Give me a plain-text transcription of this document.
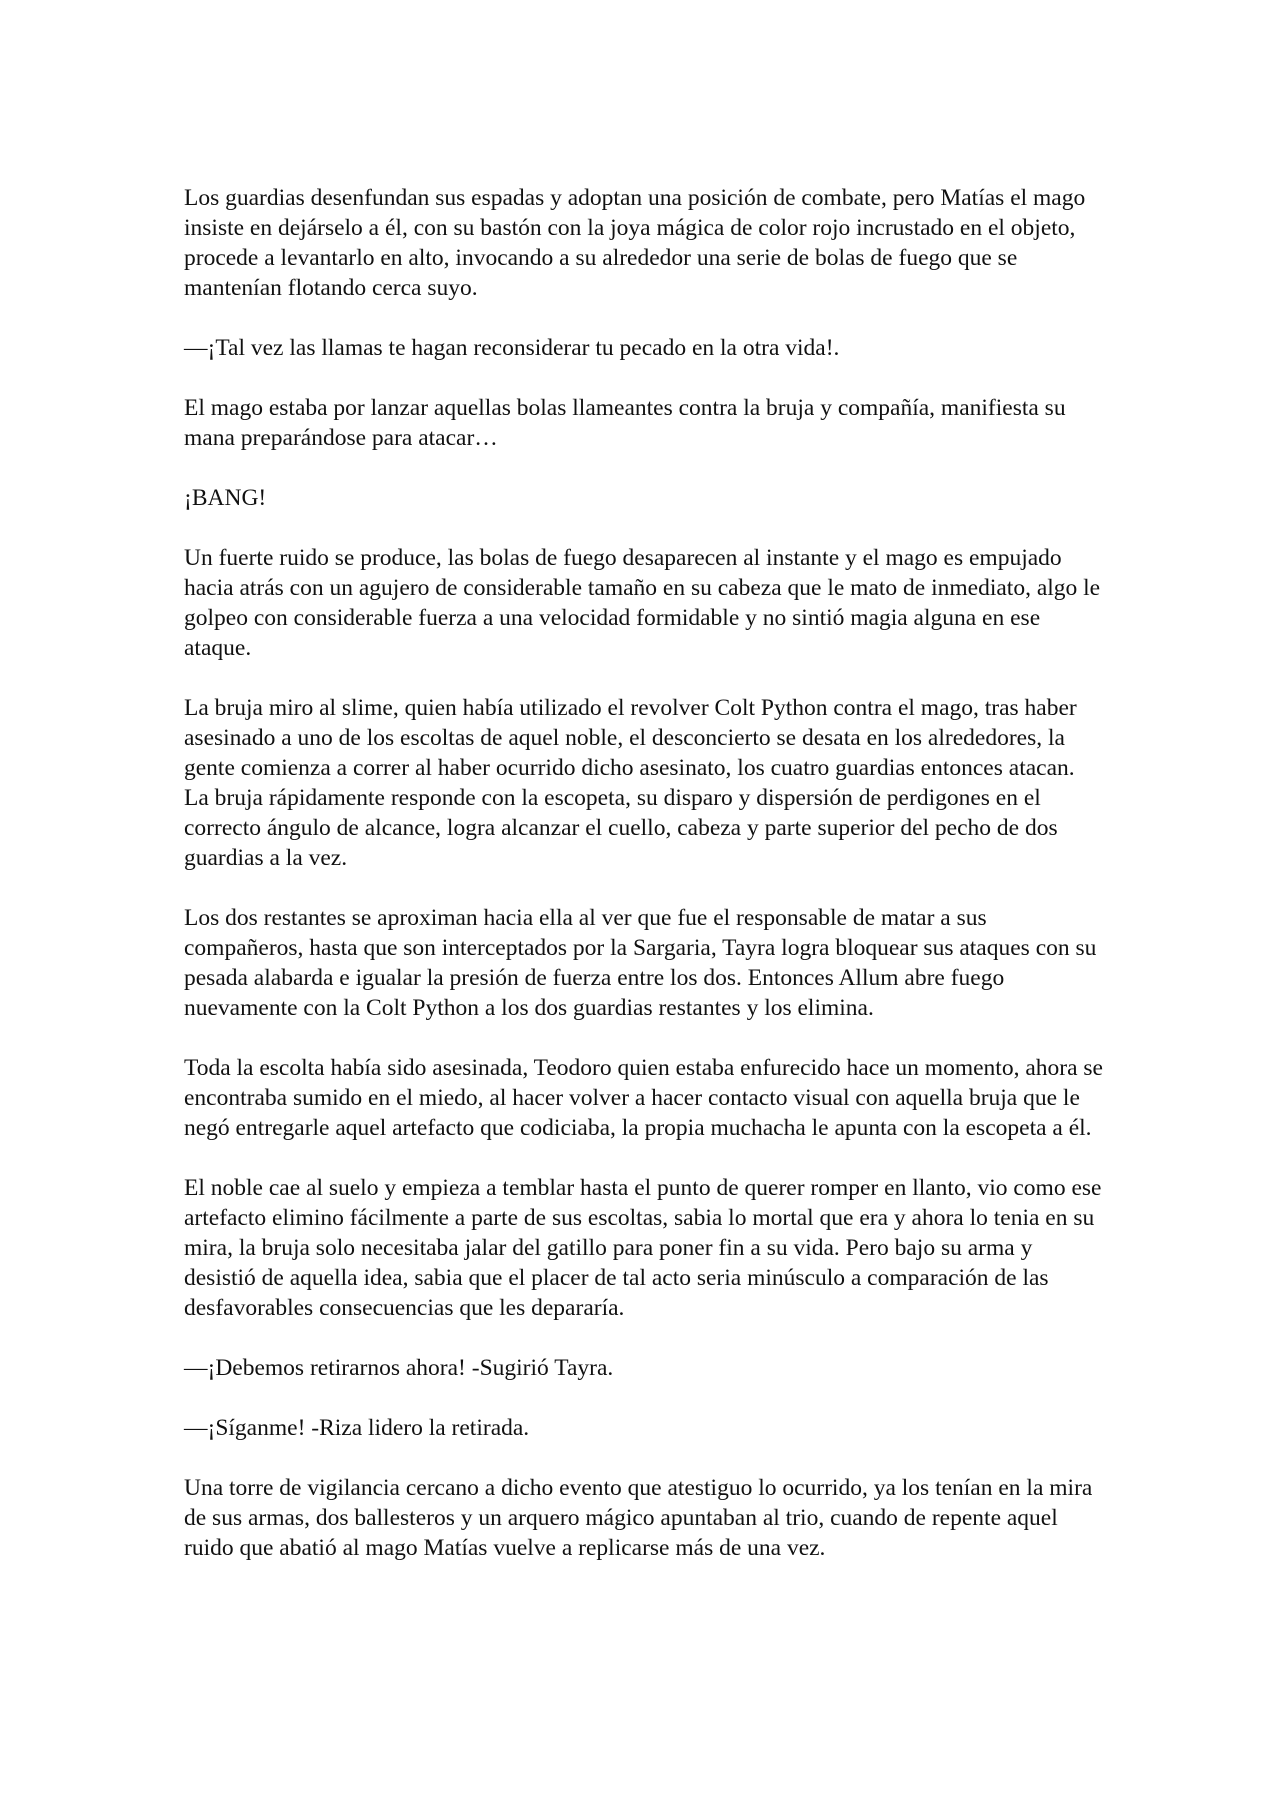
Los guardias desenfundan sus espadas y adoptan una posición de combate, pero Matías el mago insiste en dejárselo a él, con su bastón con la joya mágica de color rojo incrustado en el objeto, procede a levantarlo en alto, invocando a su alrededor una serie de bolas de fuego que se mantenían flotando cerca suyo.

—¡Tal vez las llamas te hagan reconsiderar tu pecado en la otra vida!.

El mago estaba por lanzar aquellas bolas llameantes contra la bruja y compañía, manifiesta su mana preparándose para atacar…

¡BANG!

Un fuerte ruido se produce, las bolas de fuego desaparecen al instante y el mago es empujado hacia atrás con un agujero de considerable tamaño en su cabeza que le mato de inmediato, algo le golpeo con considerable fuerza a una velocidad formidable y no sintió magia alguna en ese ataque.

La bruja miro al slime, quien había utilizado el revolver Colt Python contra el mago, tras haber asesinado a uno de los escoltas de aquel noble, el desconcierto se desata en los alrededores, la gente comienza a correr al haber ocurrido dicho asesinato, los cuatro guardias entonces atacan. La bruja rápidamente responde con la escopeta, su disparo y dispersión de perdigones en el correcto ángulo de alcance, logra alcanzar el cuello, cabeza y parte superior del pecho de dos guardias a la vez.

Los dos restantes se aproximan hacia ella al ver que fue el responsable de matar a sus compañeros, hasta que son interceptados por la Sargaria, Tayra logra bloquear sus ataques con su pesada alabarda e igualar la presión de fuerza entre los dos. Entonces Allum abre fuego nuevamente con la Colt Python a los dos guardias restantes y los elimina.

Toda la escolta había sido asesinada, Teodoro quien estaba enfurecido hace un momento, ahora se encontraba sumido en el miedo, al hacer volver a hacer contacto visual con aquella bruja que le negó entregarle aquel artefacto que codiciaba, la propia muchacha le apunta con la escopeta a él.

El noble cae al suelo y empieza a temblar hasta el punto de querer romper en llanto, vio como ese artefacto elimino fácilmente a parte de sus escoltas, sabia lo mortal que era y ahora lo tenia en su mira, la bruja solo necesitaba jalar del gatillo para poner fin a su vida. Pero bajo su arma y desistió de aquella idea, sabia que el placer de tal acto seria minúsculo a comparación de las desfavorables consecuencias que les depararía.

—¡Debemos retirarnos ahora! -Sugirió Tayra.

—¡Síganme! -Riza lidero la retirada.

Una torre de vigilancia cercano a dicho evento que atestiguo lo ocurrido, ya los tenían en la mira de sus armas, dos ballesteros y un arquero mágico apuntaban al trio, cuando de repente aquel ruido que abatió al mago Matías vuelve a replicarse más de una vez.
